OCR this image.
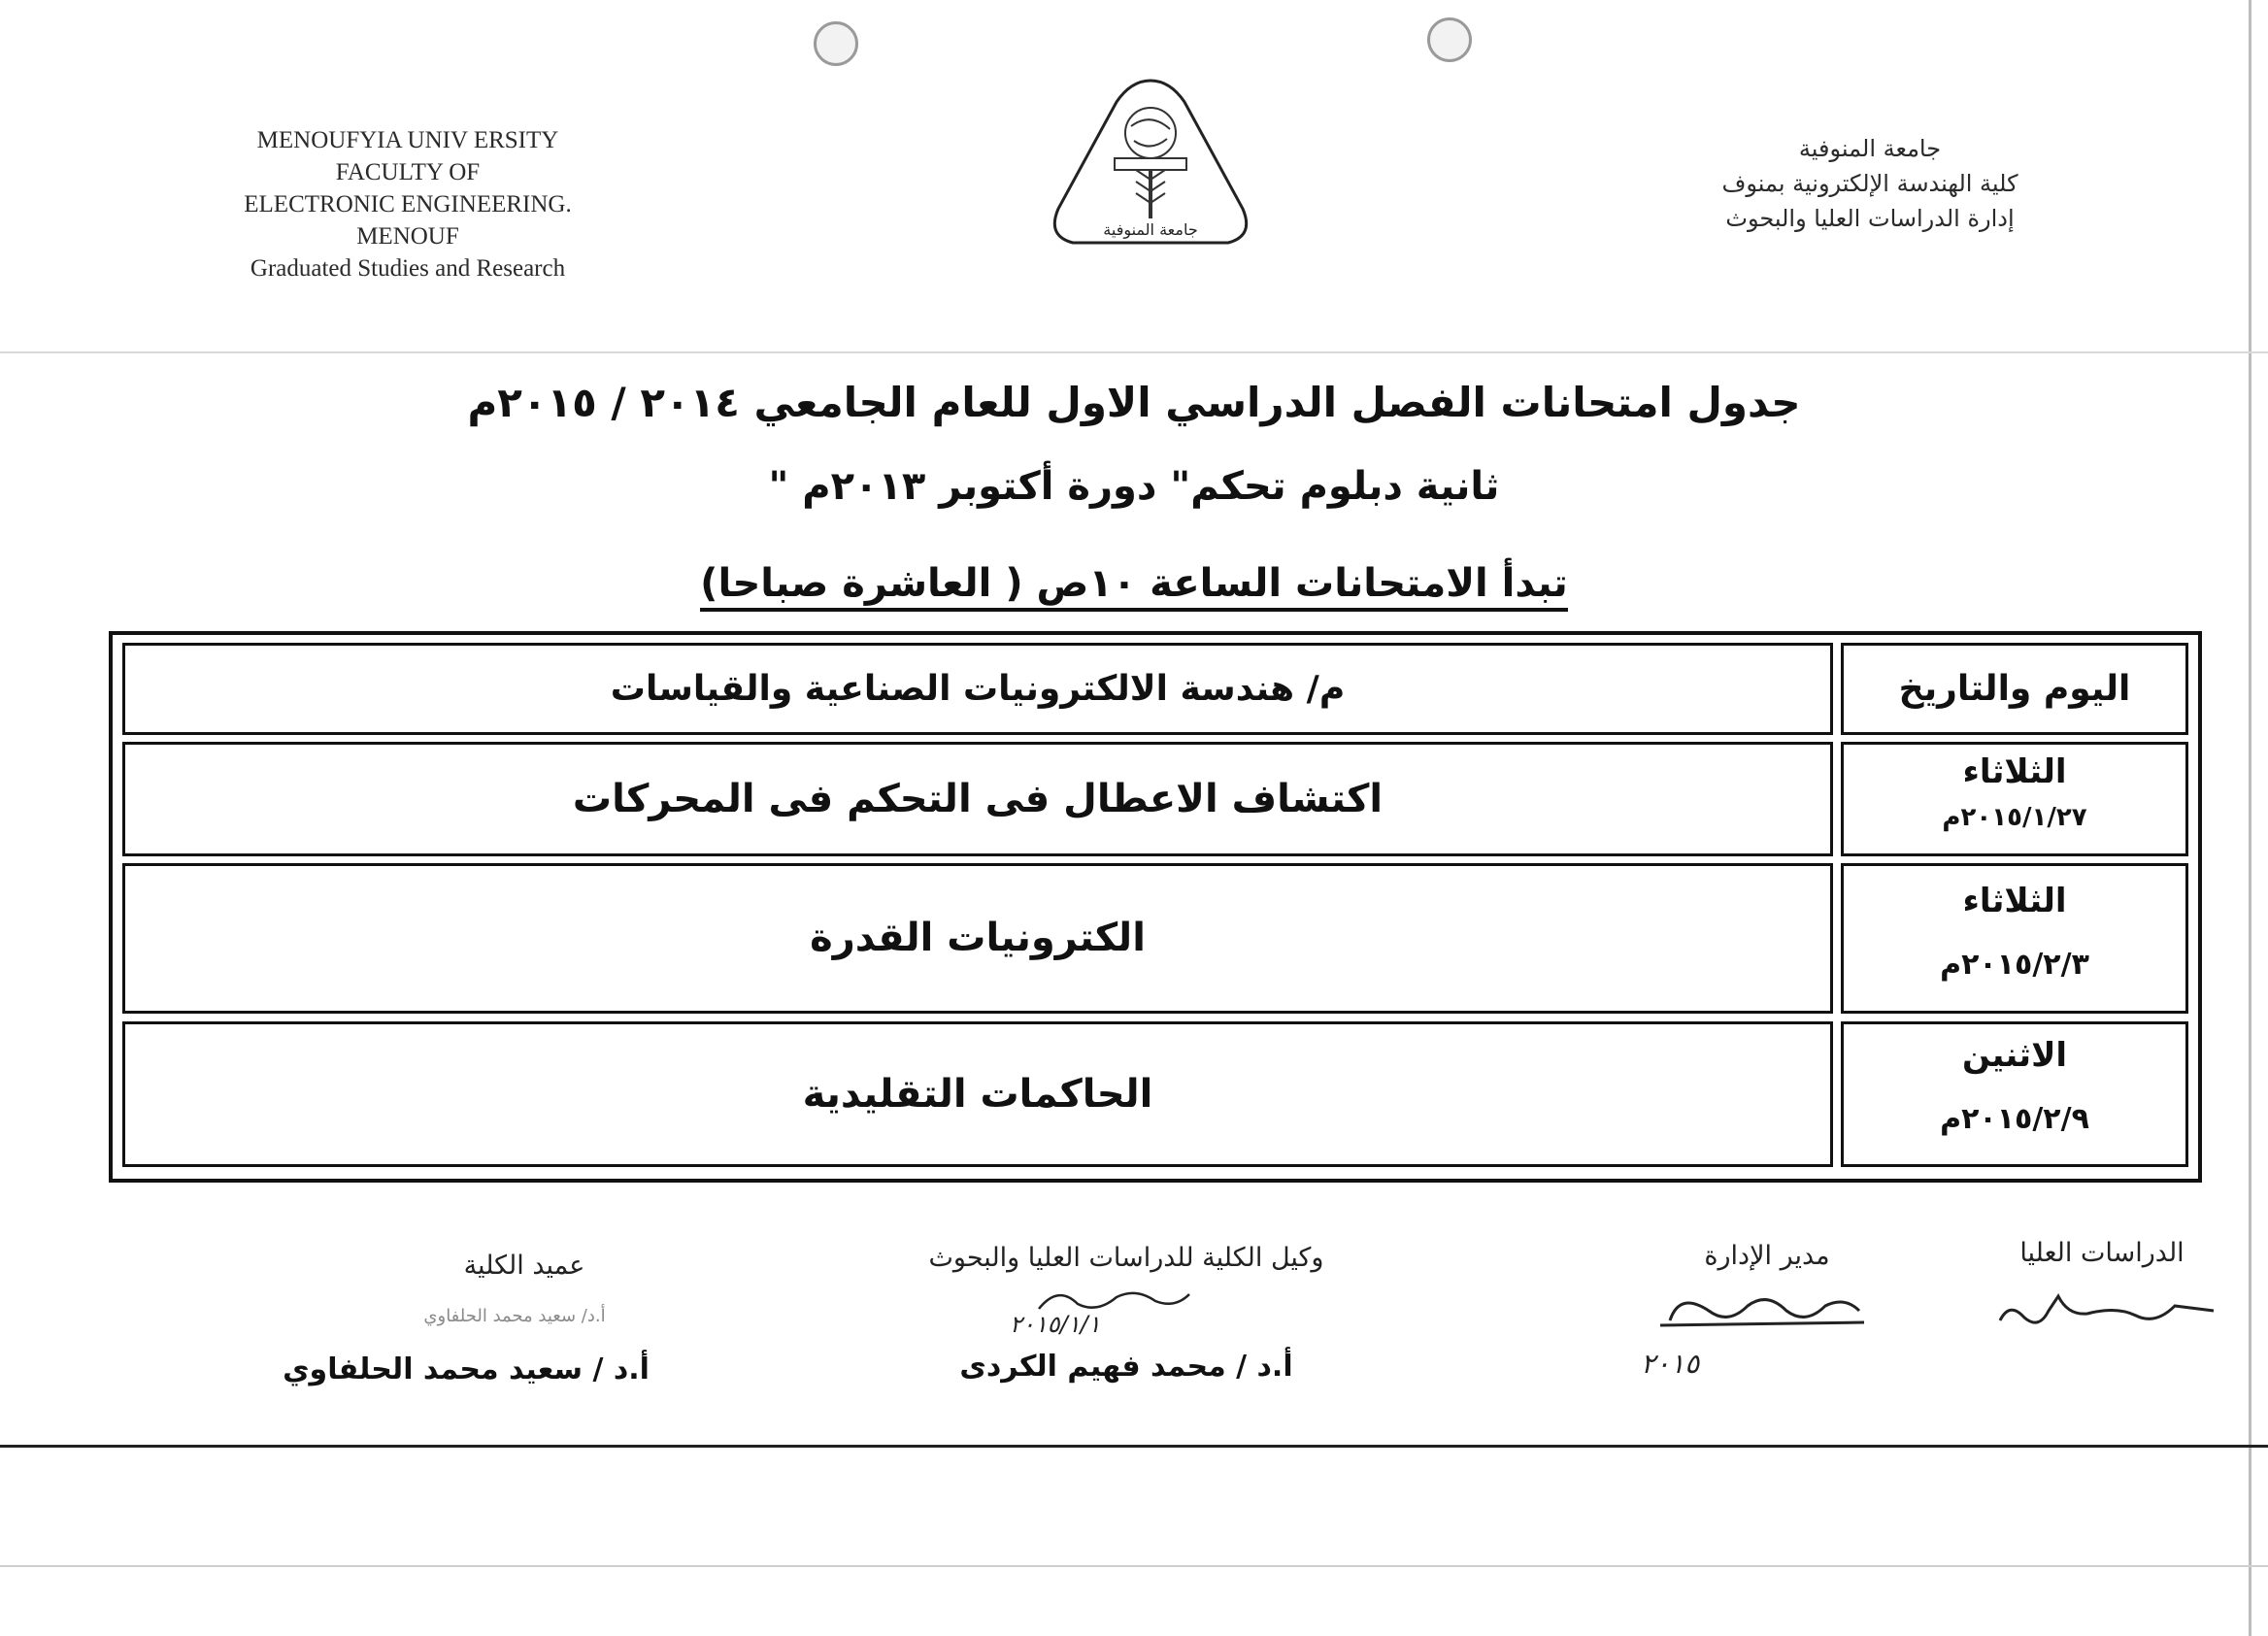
MENOUFYIA UNIV ERSITY
FACULTY OF
ELECTRONIC ENGINEERING.
MENOUF
Graduated Studies and Research
جامعة المنوفية
جامعة المنوفية
كلية الهندسة الإلكترونية بمنوف
إدارة الدراسات العليا والبحوث
جدول امتحانات الفصل الدراسي الاول للعام الجامعي ٢٠١٤ / ٢٠١٥م
ثانية دبلوم تحكم" دورة أكتوبر ٢٠١٣م "
تبدأ الامتحانات الساعة ١٠ص ( العاشرة صباحا)
م/ هندسة الالكترونيات الصناعية والقياسات	اليوم والتاريخ
اكتشاف الاعطال فى التحكم فى المحركات
الثلاثاء
٢٠١٥/١/٢٧م
الكترونيات القدرة
الثلاثاء
٢٠١٥/٢/٣م
الحاكمات التقليدية
الاثنين
٢٠١٥/٢/٩م
الدراسات العليا
مدير الإدارة
٢٠١٥
وكيل الكلية للدراسات العليا والبحوث
٢٠١٥/١/١
أ.د / محمد فهيم الكردى
عميد الكلية
أ.د/ سعيد محمد الحلفاوي
أ.د / سعيد محمد الحلفاوي
